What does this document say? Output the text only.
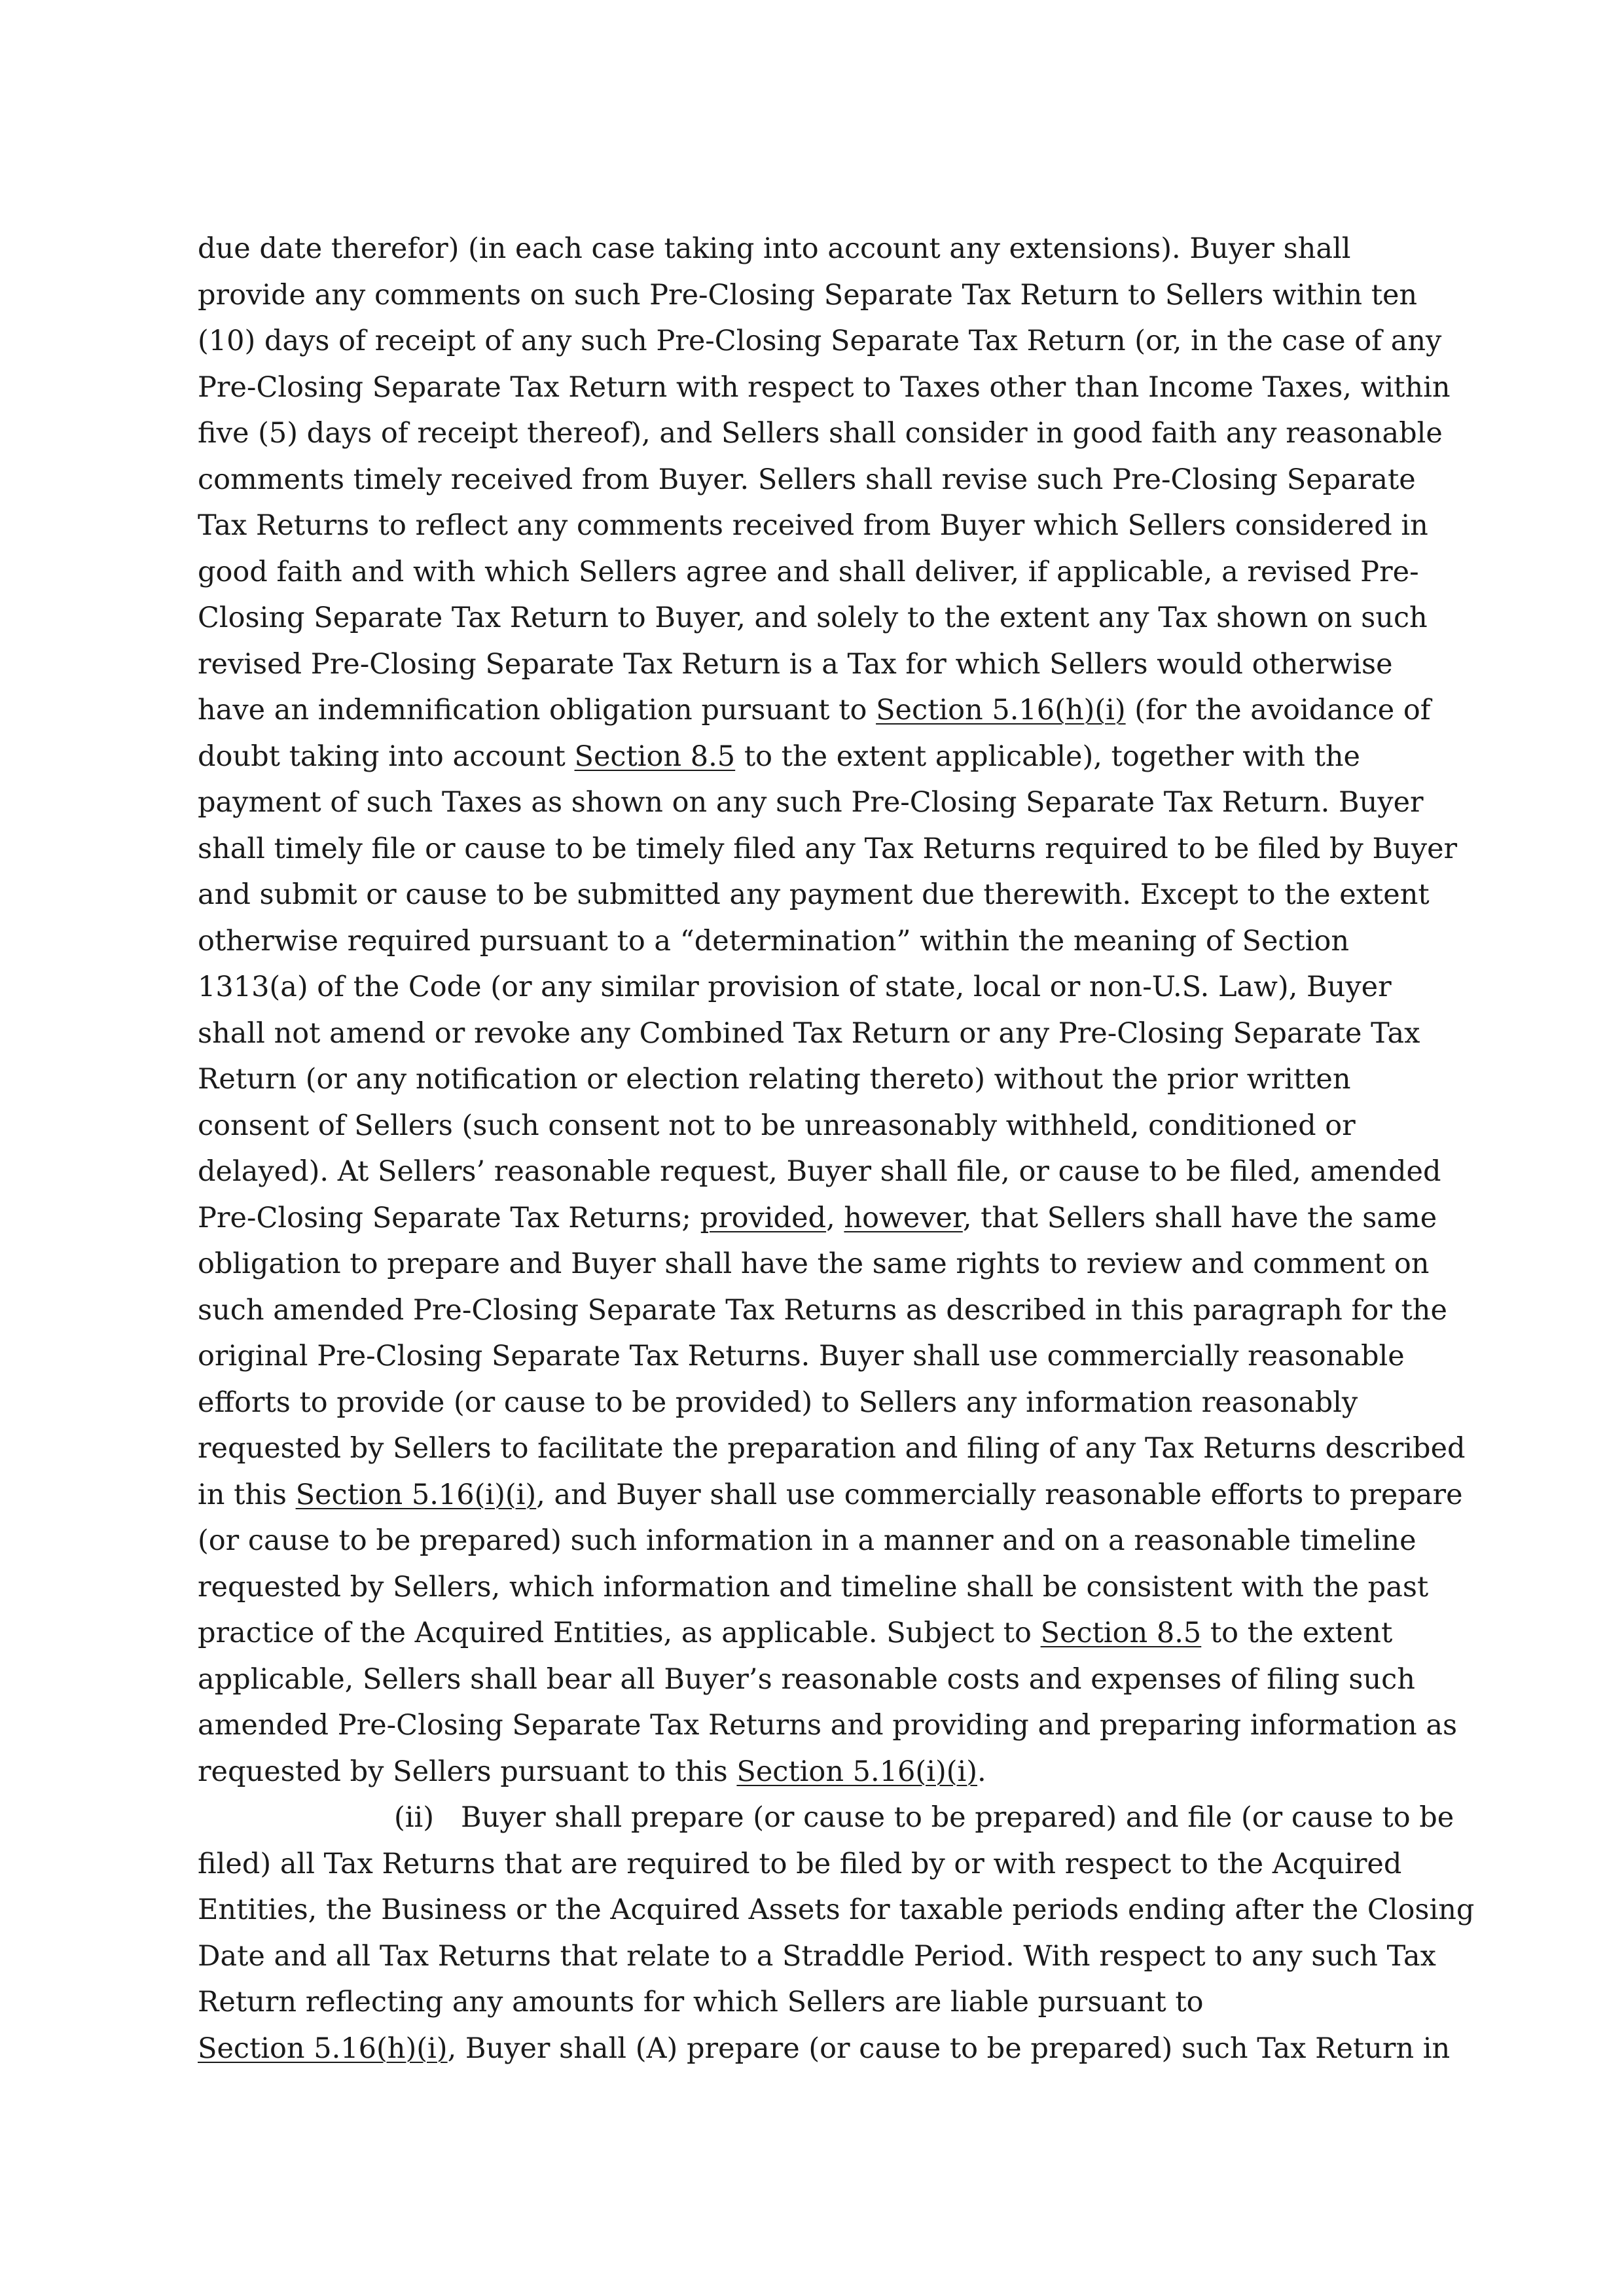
due date therefor) (in each case taking into account any extensions). Buyer shall
provide any comments on such Pre-Closing Separate Tax Return to Sellers within ten
(10) days of receipt of any such Pre-Closing Separate Tax Return (or, in the case of any
Pre-Closing Separate Tax Return with respect to Taxes other than Income Taxes, within
five (5) days of receipt thereof), and Sellers shall consider in good faith any reasonable
comments timely received from Buyer. Sellers shall revise such Pre-Closing Separate
Tax Returns to reflect any comments received from Buyer which Sellers considered in
good faith and with which Sellers agree and shall deliver, if applicable, a revised Pre-
Closing Separate Tax Return to Buyer, and solely to the extent any Tax shown on such
revised Pre-Closing Separate Tax Return is a Tax for which Sellers would otherwise
have an indemnification obligation pursuant to Section 5.16(h)(i) (for the avoidance of
doubt taking into account Section 8.5 to the extent applicable), together with the
payment of such Taxes as shown on any such Pre-Closing Separate Tax Return. Buyer
shall timely file or cause to be timely filed any Tax Returns required to be filed by Buyer
and submit or cause to be submitted any payment due therewith. Except to the extent
otherwise required pursuant to a “determination” within the meaning of Section
1313(a) of the Code (or any similar provision of state, local or non-U.S. Law), Buyer
shall not amend or revoke any Combined Tax Return or any Pre-Closing Separate Tax
Return (or any notification or election relating thereto) without the prior written
consent of Sellers (such consent not to be unreasonably withheld, conditioned or
delayed). At Sellers’ reasonable request, Buyer shall file, or cause to be filed, amended
Pre-Closing Separate Tax Returns; provided, however, that Sellers shall have the same
obligation to prepare and Buyer shall have the same rights to review and comment on
such amended Pre-Closing Separate Tax Returns as described in this paragraph for the
original Pre-Closing Separate Tax Returns. Buyer shall use commercially reasonable
efforts to provide (or cause to be provided) to Sellers any information reasonably
requested by Sellers to facilitate the preparation and filing of any Tax Returns described
in this Section 5.16(i)(i), and Buyer shall use commercially reasonable efforts to prepare
(or cause to be prepared) such information in a manner and on a reasonable timeline
requested by Sellers, which information and timeline shall be consistent with the past
practice of the Acquired Entities, as applicable. Subject to Section 8.5 to the extent
applicable, Sellers shall bear all Buyer’s reasonable costs and expenses of filing such
amended Pre-Closing Separate Tax Returns and providing and preparing information as
requested by Sellers pursuant to this Section 5.16(i)(i).
(ii)   Buyer shall prepare (or cause to be prepared) and file (or cause to be
filed) all Tax Returns that are required to be filed by or with respect to the Acquired
Entities, the Business or the Acquired Assets for taxable periods ending after the Closing
Date and all Tax Returns that relate to a Straddle Period. With respect to any such Tax
Return reflecting any amounts for which Sellers are liable pursuant to
Section 5.16(h)(i), Buyer shall (A) prepare (or cause to be prepared) such Tax Return in
